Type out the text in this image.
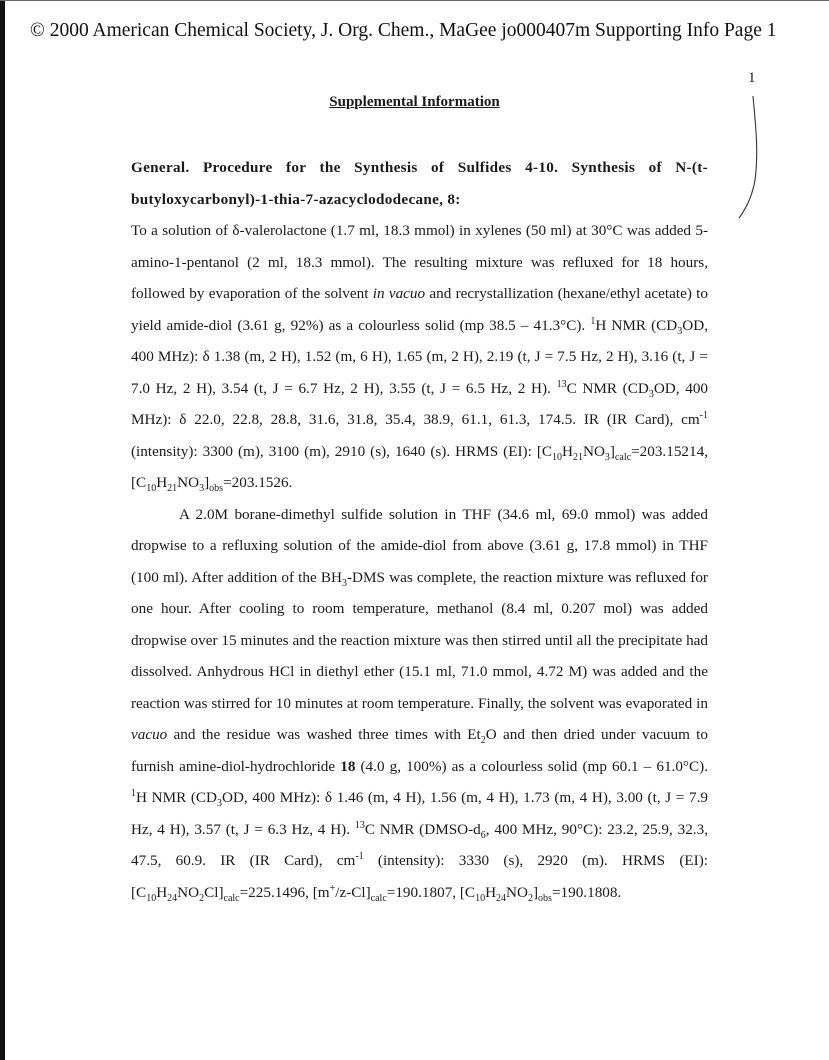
© 2000 American Chemical Society, J. Org. Chem., MaGee jo000407m Supporting Info Page 1
1
Supplemental Information

General. Procedure for the Synthesis of Sulfides 4-10. Synthesis of N-(t-butyloxycarbonyl)-1-thia-7-azacyclododecane, 8:

To a solution of δ-valerolactone (1.7 ml, 18.3 mmol) in xylenes (50 ml) at 30°C was added 5-amino-1-pentanol (2 ml, 18.3 mmol). The resulting mixture was refluxed for 18 hours, followed by evaporation of the solvent in vacuo and recrystallization (hexane/ethyl acetate) to yield amide-diol (3.61 g, 92%) as a colourless solid (mp 38.5 – 41.3°C). $^1$H NMR ($CD_3OD$, 400 MHz): δ 1.38 (m, 2 H), 1.52 (m, 6 H), 1.65 (m, 2 H), 2.19 (t, J = 7.5 Hz, 2 H), 3.16 (t, J = 7.0 Hz, 2 H), 3.54 (t, J = 6.7 Hz, 2 H), 3.55 (t, J = 6.5 Hz, 2 H). $^{13}$C NMR ($CD_3OD$, 400 MHz): δ 22.0, 22.8, 28.8, 31.6, 31.8, 35.4, 38.9, 61.1, 61.3, 174.5. IR (IR Card), $cm^{-1}$ (intensity): 3300 (m), 3100 (m), 2910 (s), 1640 (s). HRMS (EI): $[C_{10}H_{21}NO_3]_{calc}=203.15214$, $[C_{10}H_{21}NO_3]_{obs}=203.1526$.

A 2.0M borane-dimethyl sulfide solution in THF (34.6 ml, 69.0 mmol) was added dropwise to a refluxing solution of the amide-diol from above (3.61 g, 17.8 mmol) in THF (100 ml). After addition of the $BH_3$-DMS was complete, the reaction mixture was refluxed for one hour. After cooling to room temperature, methanol (8.4 ml, 0.207 mol) was added dropwise over 15 minutes and the reaction mixture was then stirred until all the precipitate had dissolved. Anhydrous HCl in diethyl ether (15.1 ml, 71.0 mmol, 4.72 M) was added and the reaction was stirred for 10 minutes at room temperature. Finally, the solvent was evaporated in vacuo and the residue was washed three times with $Et_2O$ and then dried under vacuum to furnish amine-diol-hydrochloride 18 (4.0 g, 100%) as a colourless solid (mp 60.1 – 61.0°C). $^1$H NMR ($CD_3OD$, 400 MHz): δ 1.46 (m, 4 H), 1.56 (m, 4 H), 1.73 (m, 4 H), 3.00 (t, J = 7.9 Hz, 4 H), 3.57 (t, J = 6.3 Hz, 4 H). $^{13}$C NMR ($DMSO-d_6$, 400 MHz, 90°C): 23.2, 25.9, 32.3, 47.5, 60.9. IR (IR Card), $cm^{-1}$ (intensity): 3330 (s), 2920 (m). HRMS (EI): $[C_{10}H_{24}NO_2Cl]_{calc}=225.1496$, $[m^+/z-Cl]_{calc}=190.1807$, $[C_{10}H_{24}NO_2]_{obs}=190.1808$.
